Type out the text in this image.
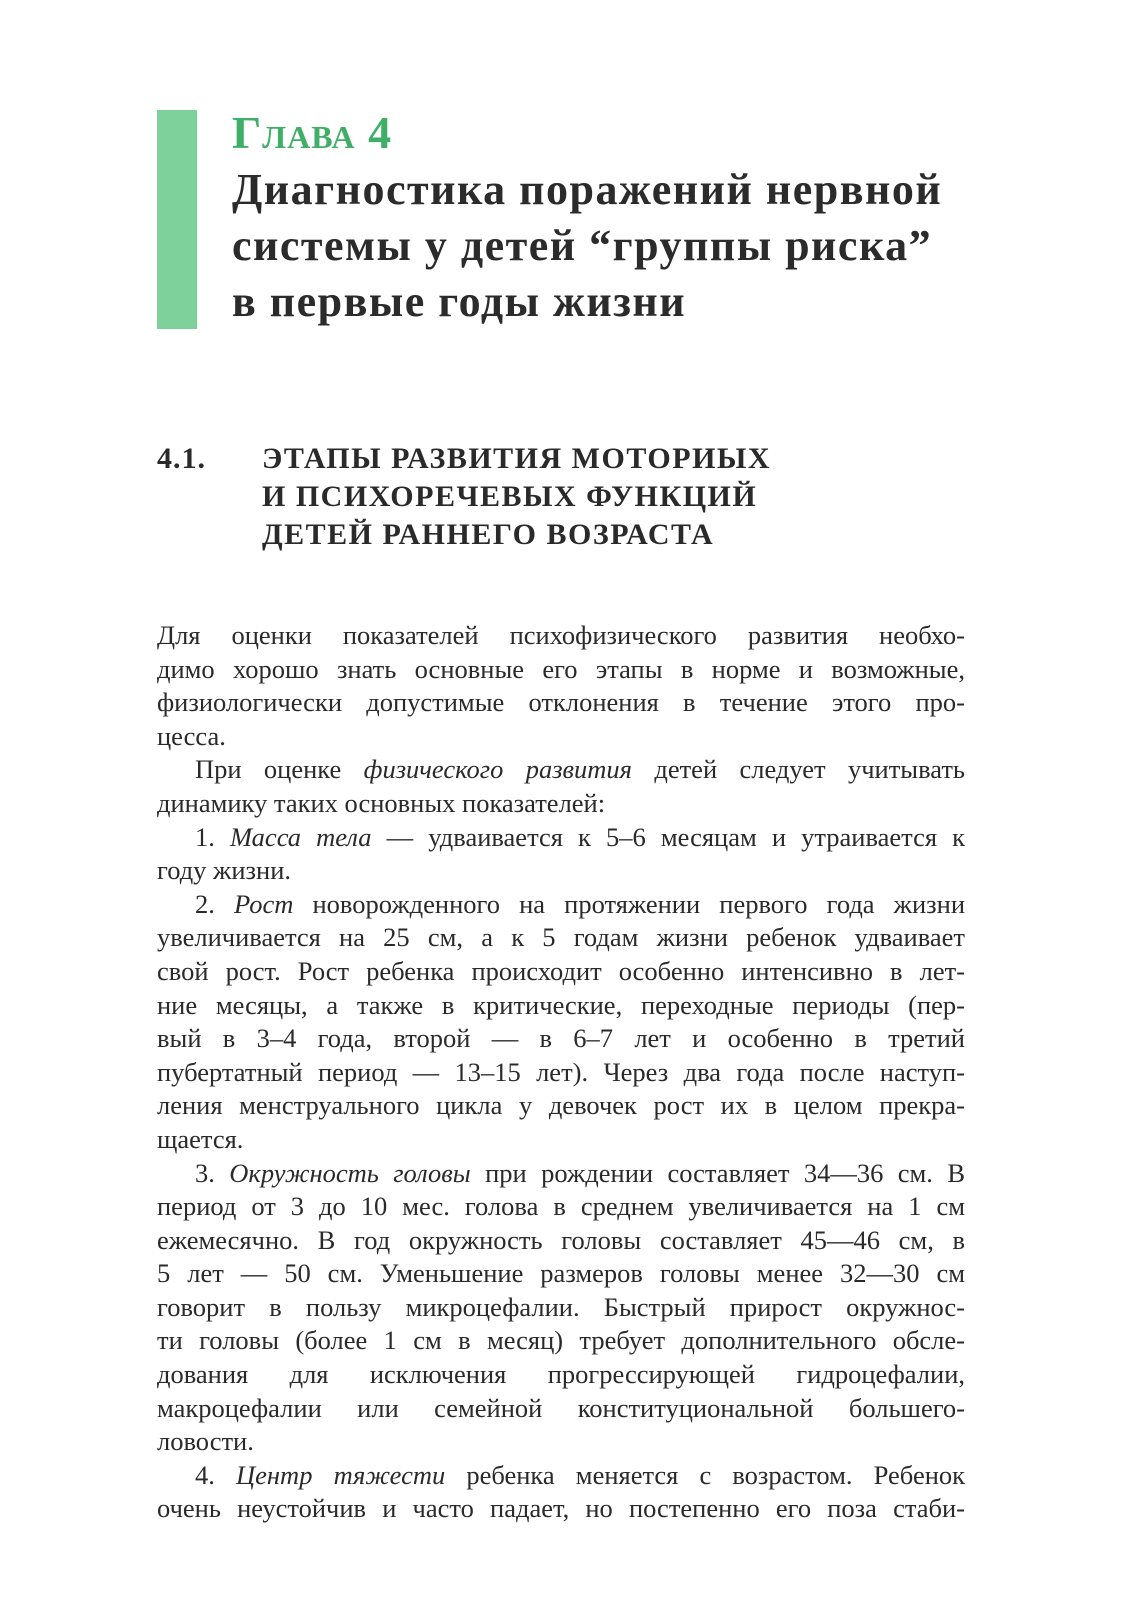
Глава 4
Диагностика поражений нервной
системы у детей “группы риска”
в первые годы жизни
4.1. ЭТАПЫ РАЗВИТИЯ МОТОРИЫХ
И ПСИХОРЕЧЕВЫХ ФУНКЦИЙ
ДЕТЕЙ РАННЕГО ВОЗРАСТА
Для оценки показателей психофизического развития необхо-
димо хорошо знать основные его этапы в норме и возможные,
физиологически допустимые отклонения в течение этого про-
цесса.
При оценке физического развития детей следует учитывать
динамику таких основных показателей:
1. Масса тела — удваивается к 5–6 месяцам и утраивается к
году жизни.
2. Рост новорожденного на протяжении первого года жизни
увеличивается на 25 см, а к 5 годам жизни ребенок удваивает
свой рост. Рост ребенка происходит особенно интенсивно в лет-
ние месяцы, а также в критические, переходные периоды (пер-
вый в 3–4 года, второй — в 6–7 лет и особенно в третий
пубертатный период — 13–15 лет). Через два года после наступ-
ления менструального цикла у девочек рост их в целом прекра-
щается.
3. Окружность головы при рождении составляет 34—36 см. В
период от 3 до 10 мес. голова в среднем увеличивается на 1 см
ежемесячно. В год окружность головы составляет 45—46 см, в
5 лет — 50 см. Уменьшение размеров головы менее 32—30 см
говорит в пользу микроцефалии. Быстрый прирост окружнос-
ти головы (более 1 см в месяц) требует дополнительного обсле-
дования для исключения прогрессирующей гидроцефалии,
макроцефалии или семейной конституциональной большего-
ловости.
4. Центр тяжести ребенка меняется с возрастом. Ребенок
очень неустойчив и часто падает, но постепенно его поза стаби-
